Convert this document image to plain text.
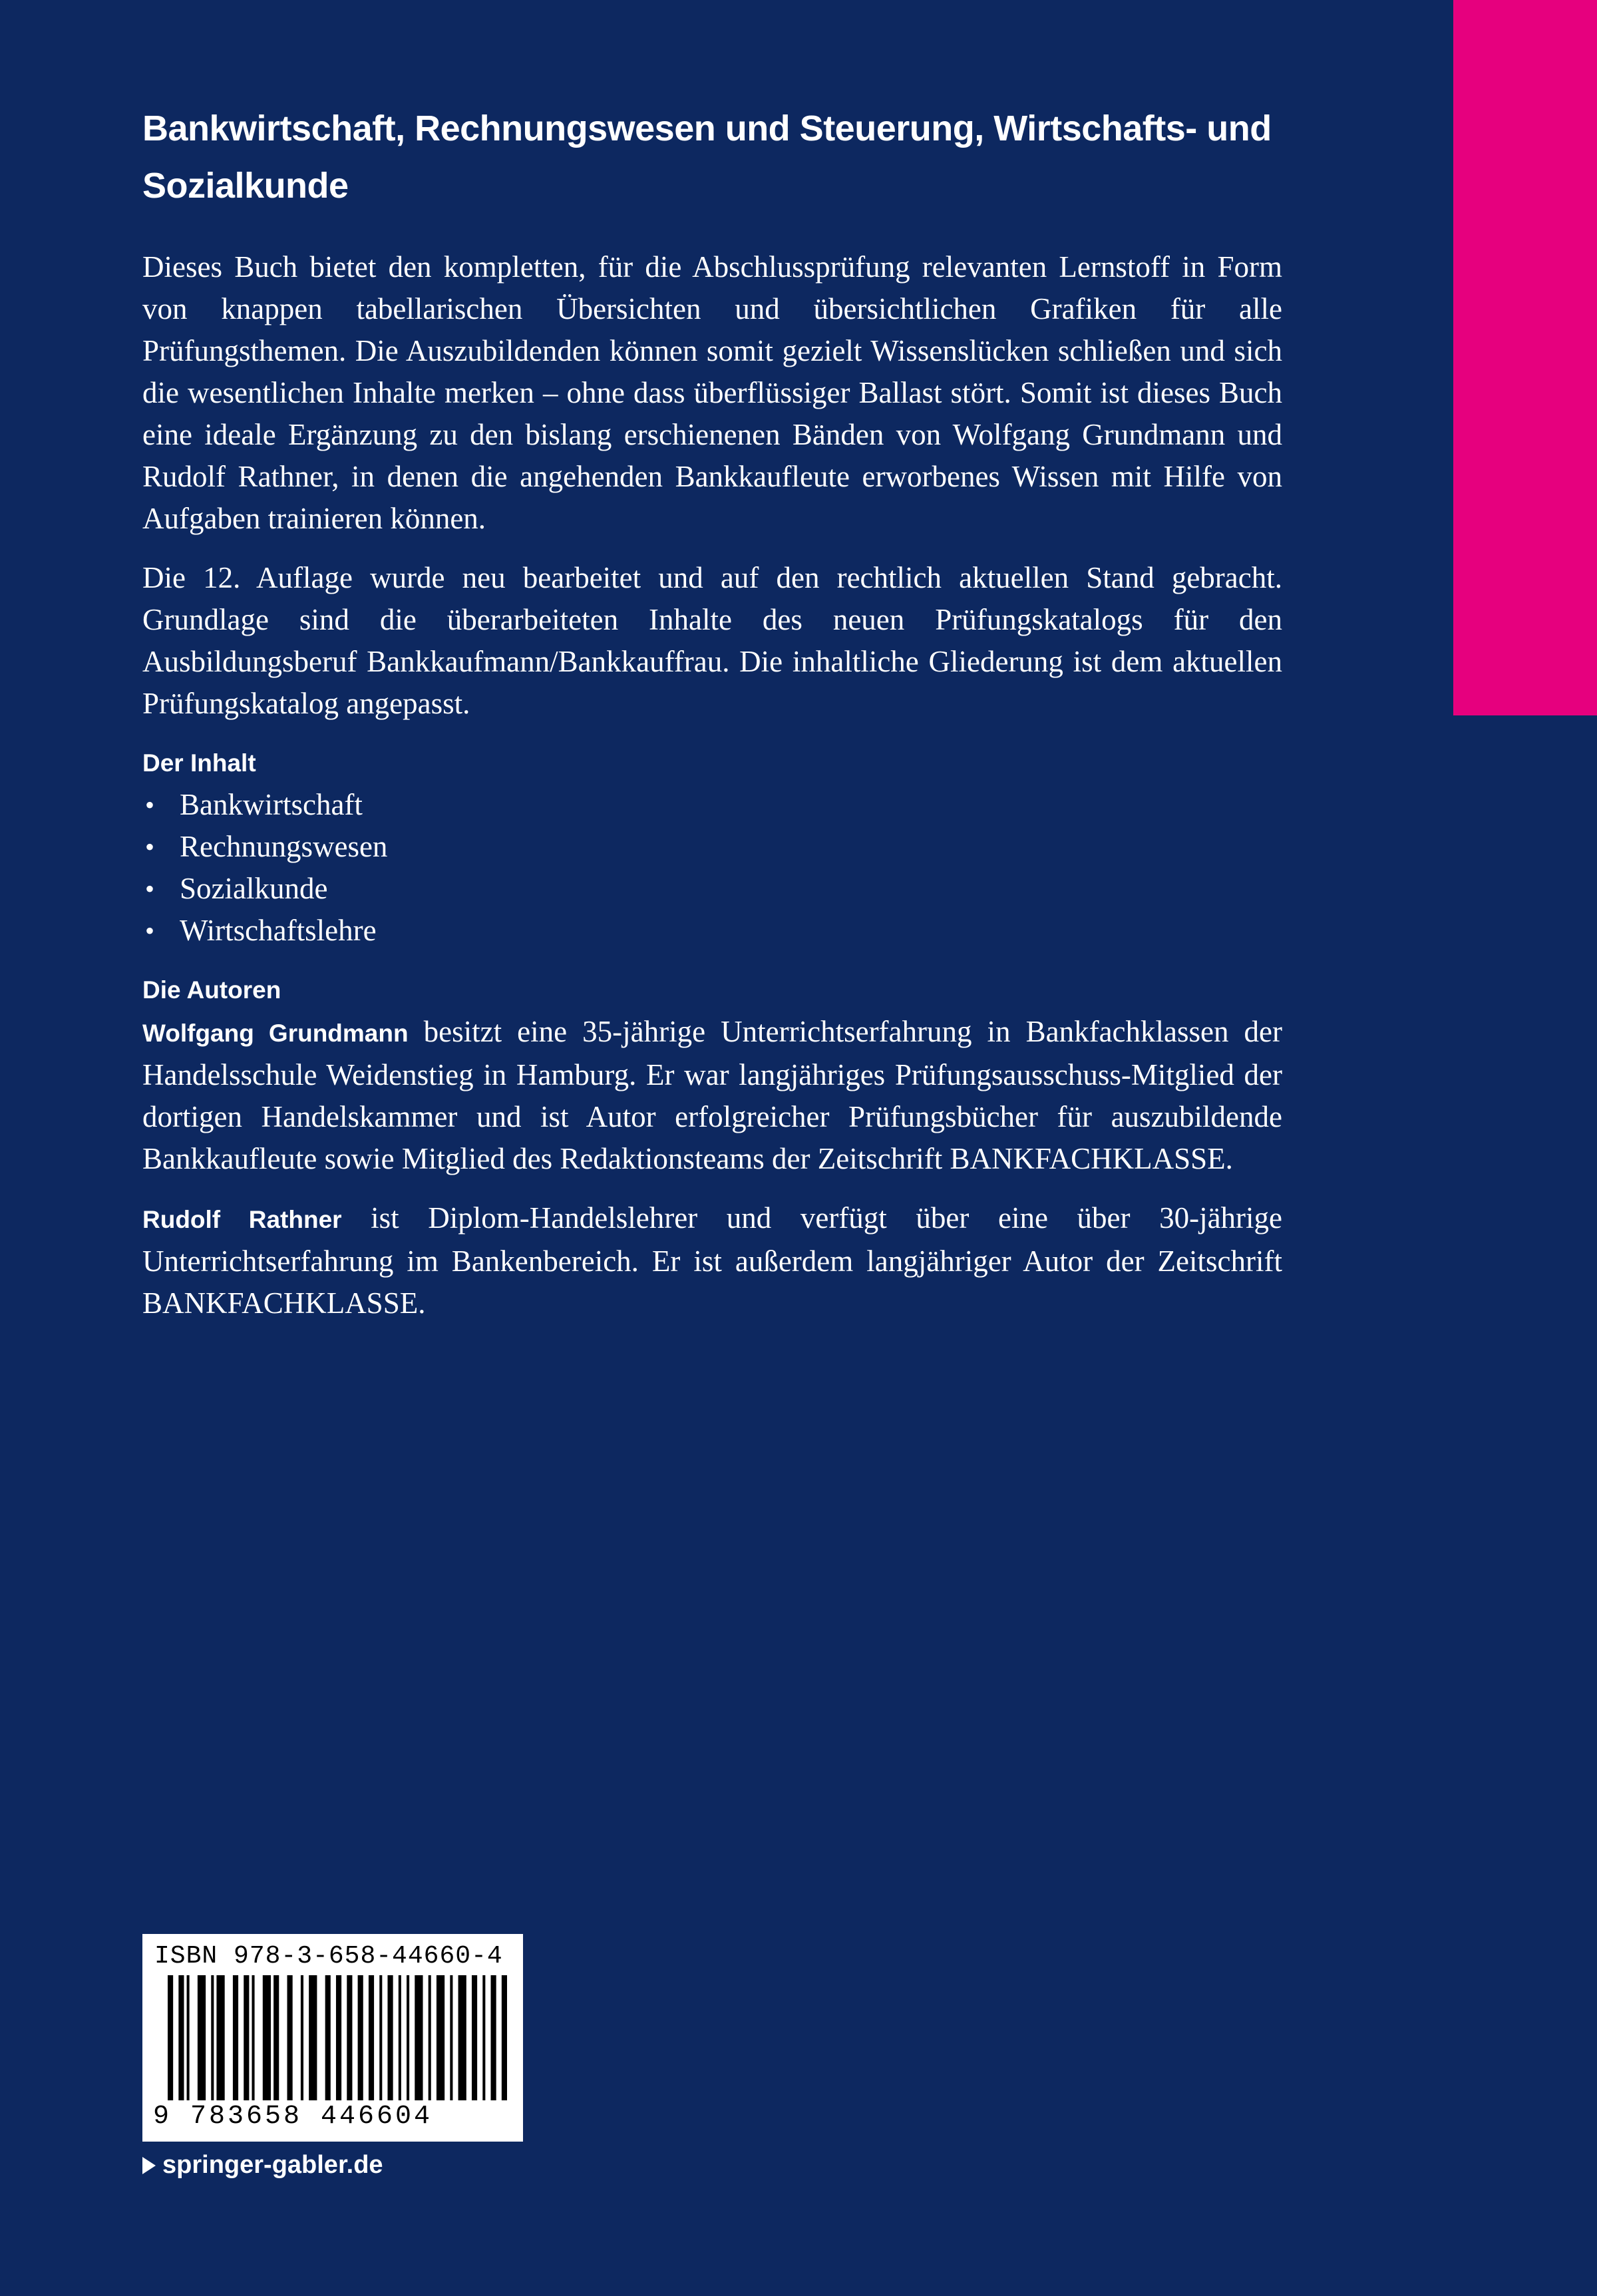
Bankwirtschaft, Rechnungswesen und Steuerung, Wirtschafts- und Sozialkunde

Dieses Buch bietet den kompletten, für die Abschlussprüfung relevanten Lernstoff in Form von knappen tabellarischen Übersichten und übersichtlichen Grafiken für alle Prüfungsthemen. Die Auszubildenden können somit gezielt Wissenslücken schließen und sich die wesentlichen Inhalte merken – ohne dass überflüssiger Ballast stört. Somit ist dieses Buch eine ideale Ergänzung zu den bislang erschienenen Bänden von Wolfgang Grundmann und Rudolf Rathner, in denen die angehenden Bankkaufleute erworbenes Wissen mit Hilfe von Aufgaben trainieren können.

Die 12. Auflage wurde neu bearbeitet und auf den rechtlich aktuellen Stand gebracht. Grundlage sind die überarbeiteten Inhalte des neuen Prüfungskatalogs für den Ausbildungsberuf Bankkaufmann/Bankkauffrau. Die inhaltliche Gliederung ist dem aktuellen Prüfungskatalog angepasst.

Der Inhalt
• Bankwirtschaft
• Rechnungswesen
• Sozialkunde
• Wirtschaftslehre
Die Autoren

Wolfgang Grundmann besitzt eine 35-jährige Unterrichtserfahrung in Bankfachklassen der Handelsschule Weidenstieg in Hamburg. Er war langjähriges Prüfungsausschuss-Mitglied der dortigen Handelskammer und ist Autor erfolgreicher Prüfungsbücher für auszubildende Bankkaufleute sowie Mitglied des Redaktionsteams der Zeitschrift BANKFACHKLASSE.

Rudolf Rathner ist Diplom-Handelslehrer und verfügt über eine über 30-jährige Unterrichtserfahrung im Bankenbereich. Er ist außerdem langjähriger Autor der Zeitschrift BANKFACHKLASSE.

ISBN 978-3-658-44660-4
9 783658 446604
springer-gabler.de
